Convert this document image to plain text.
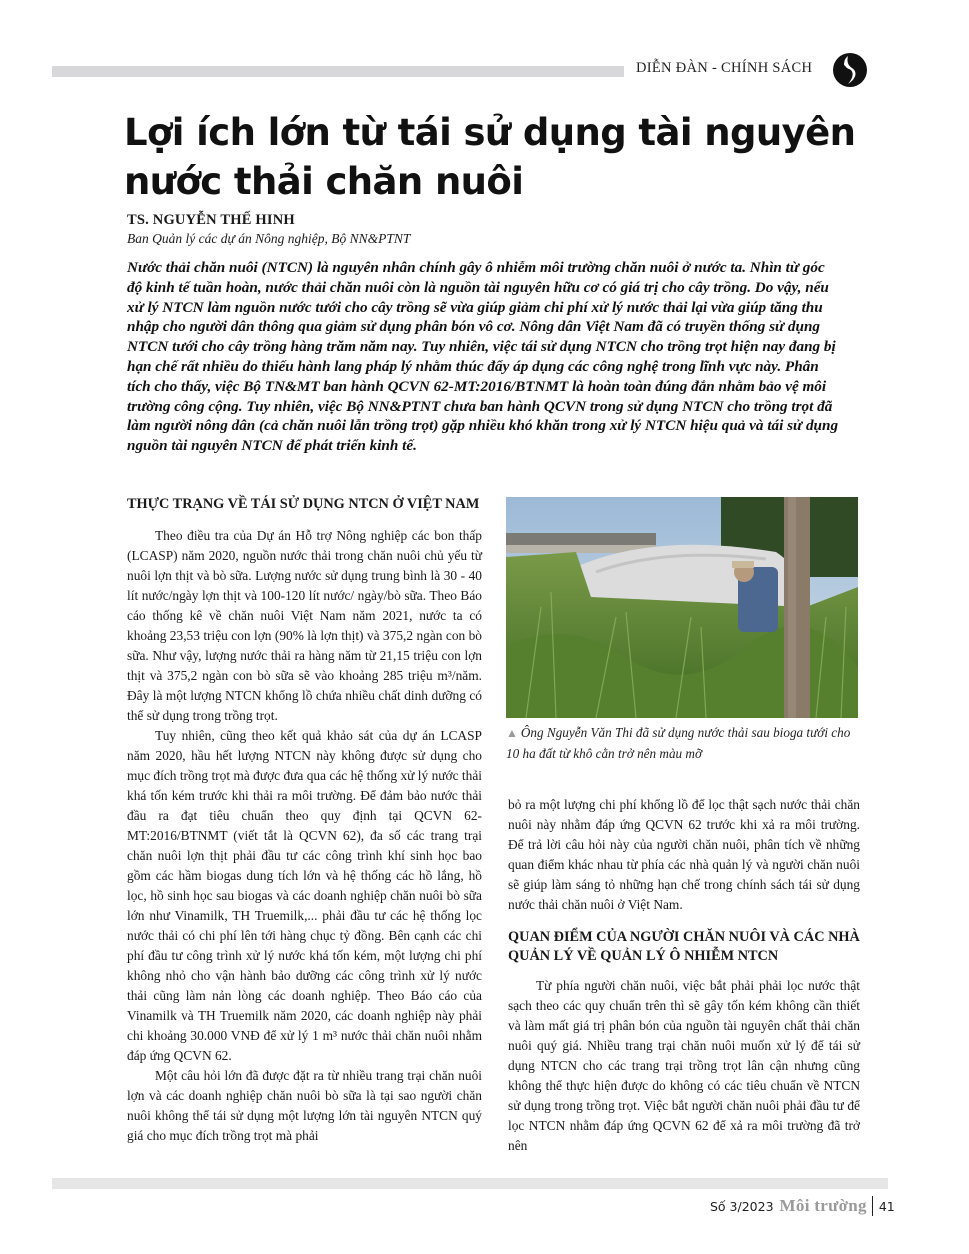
DIỄN ĐÀN - CHÍNH SÁCH
Lợi ích lớn từ tái sử dụng tài nguyên
nước thải chăn nuôi
TS. NGUYỄN THẾ HINH
Ban Quản lý các dự án Nông nghiệp, Bộ NN&PTNT
Nước thải chăn nuôi (NTCN) là nguyên nhân chính gây ô nhiễm môi trường chăn nuôi ở nước ta. Nhìn từ góc độ kinh tế tuần hoàn, nước thải chăn nuôi còn là nguồn tài nguyên hữu cơ có giá trị cho cây trồng. Do vậy, nếu xử lý NTCN làm nguồn nước tưới cho cây trồng sẽ vừa giúp giảm chi phí xử lý nước thải lại vừa giúp tăng thu nhập cho người dân thông qua giảm sử dụng phân bón vô cơ. Nông dân Việt Nam đã có truyền thống sử dụng NTCN tưới cho cây trồng hàng trăm năm nay. Tuy nhiên, việc tái sử dụng NTCN cho trồng trọt hiện nay đang bị hạn chế rất nhiều do thiếu hành lang pháp lý nhằm thúc đẩy áp dụng các công nghệ trong lĩnh vực này. Phân tích cho thấy, việc Bộ TN&MT ban hành QCVN 62-MT:2016/BTNMT là hoàn toàn đúng đắn nhằm bảo vệ môi trường công cộng. Tuy nhiên, việc Bộ NN&PTNT chưa ban hành QCVN trong sử dụng NTCN cho trồng trọt đã làm người nông dân (cả chăn nuôi lẫn trồng trọt) gặp nhiều khó khăn trong xử lý NTCN hiệu quả và tái sử dụng nguồn tài nguyên NTCN để phát triển kinh tế.
THỰC TRẠNG VỀ TÁI SỬ DỤNG NTCN Ở VIỆT NAM

Theo điều tra của Dự án Hỗ trợ Nông nghiệp các bon thấp (LCASP) năm 2020, nguồn nước thải trong chăn nuôi chủ yếu từ nuôi lợn thịt và bò sữa. Lượng nước sử dụng trung bình là 30 - 40 lít nước/ngày lợn thịt và 100-120 lít nước/ ngày/bò sữa. Theo Báo cáo thống kê về chăn nuôi Việt Nam năm 2021, nước ta có khoảng 23,53 triệu con lợn (90% là lợn thịt) và 375,2 ngàn con bò sữa. Như vậy, lượng nước thải ra hàng năm từ 21,15 triệu con lợn thịt và 375,2 ngàn con bò sữa sẽ vào khoảng 285 triệu m³/năm. Đây là một lượng NTCN khổng lồ chứa nhiều chất dinh dưỡng có thể sử dụng trong trồng trọt.

Tuy nhiên, cũng theo kết quả khảo sát của dự án LCASP năm 2020, hầu hết lượng NTCN này không được sử dụng cho mục đích trồng trọt mà được đưa qua các hệ thống xử lý nước thải khá tốn kém trước khi thải ra môi trường. Để đảm bảo nước thải đầu ra đạt tiêu chuẩn theo quy định tại QCVN 62-MT:2016/BTNMT (viết tắt là QCVN 62), đa số các trang trại chăn nuôi lợn thịt phải đầu tư các công trình khí sinh học bao gồm các hầm biogas dung tích lớn và hệ thống các hồ lắng, hồ lọc, hồ sinh học sau biogas và các doanh nghiệp chăn nuôi bò sữa lớn như Vinamilk, TH Truemilk,... phải đầu tư các hệ thống lọc nước thải có chi phí lên tới hàng chục tỷ đồng. Bên cạnh các chi phí đầu tư công trình xử lý nước khá tốn kém, một lượng chi phí không nhỏ cho vận hành bảo dưỡng các công trình xử lý nước thải cũng làm nản lòng các doanh nghiệp. Theo Báo cáo của Vinamilk và TH Truemilk năm 2020, các doanh nghiệp này phải chi khoảng 30.000 VNĐ để xử lý 1 m³ nước thải chăn nuôi nhằm đáp ứng QCVN 62.

Một câu hỏi lớn đã được đặt ra từ nhiều trang trại chăn nuôi lợn và các doanh nghiệp chăn nuôi bò sữa là tại sao người chăn nuôi không thể tái sử dụng một lượng lớn tài nguyên NTCN quý giá cho mục đích trồng trọt mà phải

▲ Ông Nguyễn Văn Thi đã sử dụng nước thải sau bioga tưới cho 10 ha đất từ khô cằn trở nên màu mỡ

bỏ ra một lượng chi phí khổng lồ để lọc thật sạch nước thải chăn nuôi này nhằm đáp ứng QCVN 62 trước khi xả ra môi trường. Để trả lời câu hỏi này của người chăn nuôi, phân tích về những quan điểm khác nhau từ phía các nhà quản lý và người chăn nuôi sẽ giúp làm sáng tỏ những hạn chế trong chính sách tái sử dụng nước thải chăn nuôi ở Việt Nam.

QUAN ĐIỂM CỦA NGƯỜI CHĂN NUÔI VÀ CÁC NHÀ QUẢN LÝ VỀ QUẢN LÝ Ô NHIỄM NTCN

Từ phía người chăn nuôi, việc bắt phải phải lọc nước thật sạch theo các quy chuẩn trên thì sẽ gây tốn kém không cần thiết và làm mất giá trị phân bón của nguồn tài nguyên chất thải chăn nuôi quý giá. Nhiều trang trại chăn nuôi muốn xử lý để tái sử dụng NTCN cho các trang trại trồng trọt lân cận nhưng cũng không thể thực hiện được do không có các tiêu chuẩn về NTCN sử dụng trong trồng trọt. Việc bắt người chăn nuôi phải đầu tư để lọc NTCN nhằm đáp ứng QCVN 62 để xả ra môi trường đã trở nên

Số 3/2023 Môi trường 41
